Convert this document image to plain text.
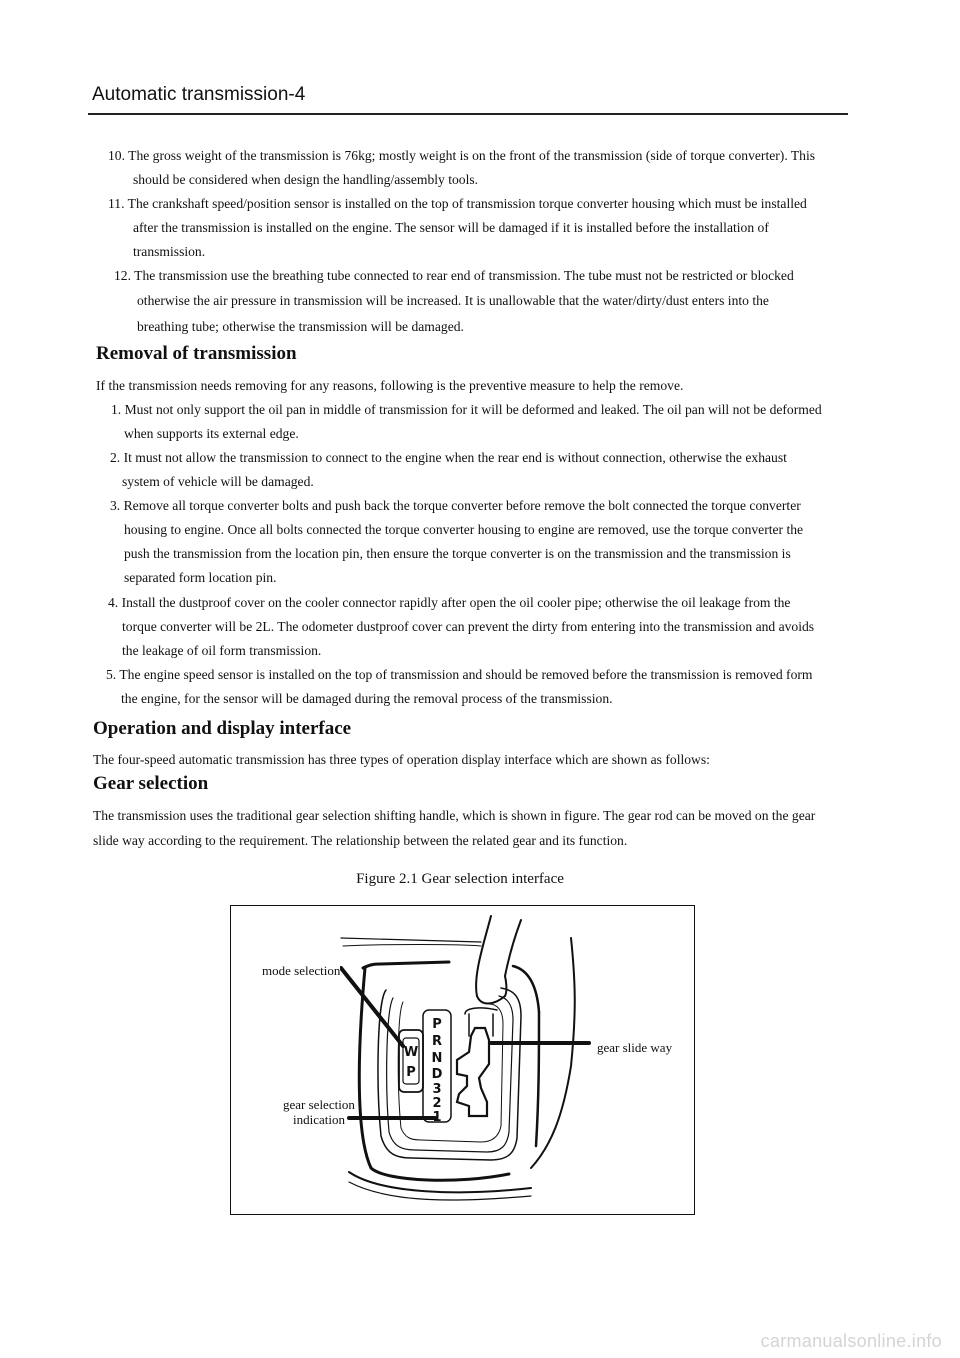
Automatic transmission-4
10. The gross weight of the transmission is 76kg; mostly weight is on the front of the transmission (side of torque converter). This
should be considered when design the handling/assembly tools.
11. The crankshaft speed/position sensor is installed on the top of transmission torque converter housing which must be installed
after the transmission is installed on the engine. The sensor will be damaged if it is installed before the installation of
transmission.
12. The transmission use the breathing tube connected to rear end of transmission. The tube must not be restricted or blocked
otherwise the air pressure in transmission will be increased. It is unallowable that the water/dirty/dust enters into the
breathing tube; otherwise the transmission will be damaged.
Removal of transmission
If the transmission needs removing for any reasons, following is the preventive measure to help the remove.
1. Must not only support the oil pan in middle of transmission for it will be deformed and leaked. The oil pan will not be deformed
when supports its external edge.
2. It must not allow the transmission to connect to the engine when the rear end is without connection, otherwise the exhaust
system of vehicle will be damaged.
3. Remove all torque converter bolts and push back the torque converter before remove the bolt connected the torque converter
housing to engine. Once all bolts connected the torque converter housing to engine are removed, use the torque converter the
push the transmission from the location pin, then ensure the torque converter is on the transmission and the transmission is
separated form location pin.
4. Install the dustproof cover on the cooler connector rapidly after open the oil cooler pipe; otherwise the oil leakage from the
torque converter will be 2L. The odometer dustproof cover can prevent the dirty from entering into the transmission and avoids
the leakage of oil form transmission.
5. The engine speed sensor is installed on the top of transmission and should be removed before the transmission is removed form
the engine, for the sensor will be damaged during the removal process of the transmission.
Operation and display interface
The four-speed automatic transmission has three types of operation display interface which are shown as follows:
Gear selection
The transmission uses the traditional gear selection shifting handle, which is shown in figure. The gear rod can be moved on the gear
slide way according to the requirement. The relationship between the related gear and its function.
Figure 2.1 Gear selection interface
W
P
P
R
N
D
3
2
1
mode selection
gear slide way
gear selection
indication
carmanualsonline.info
